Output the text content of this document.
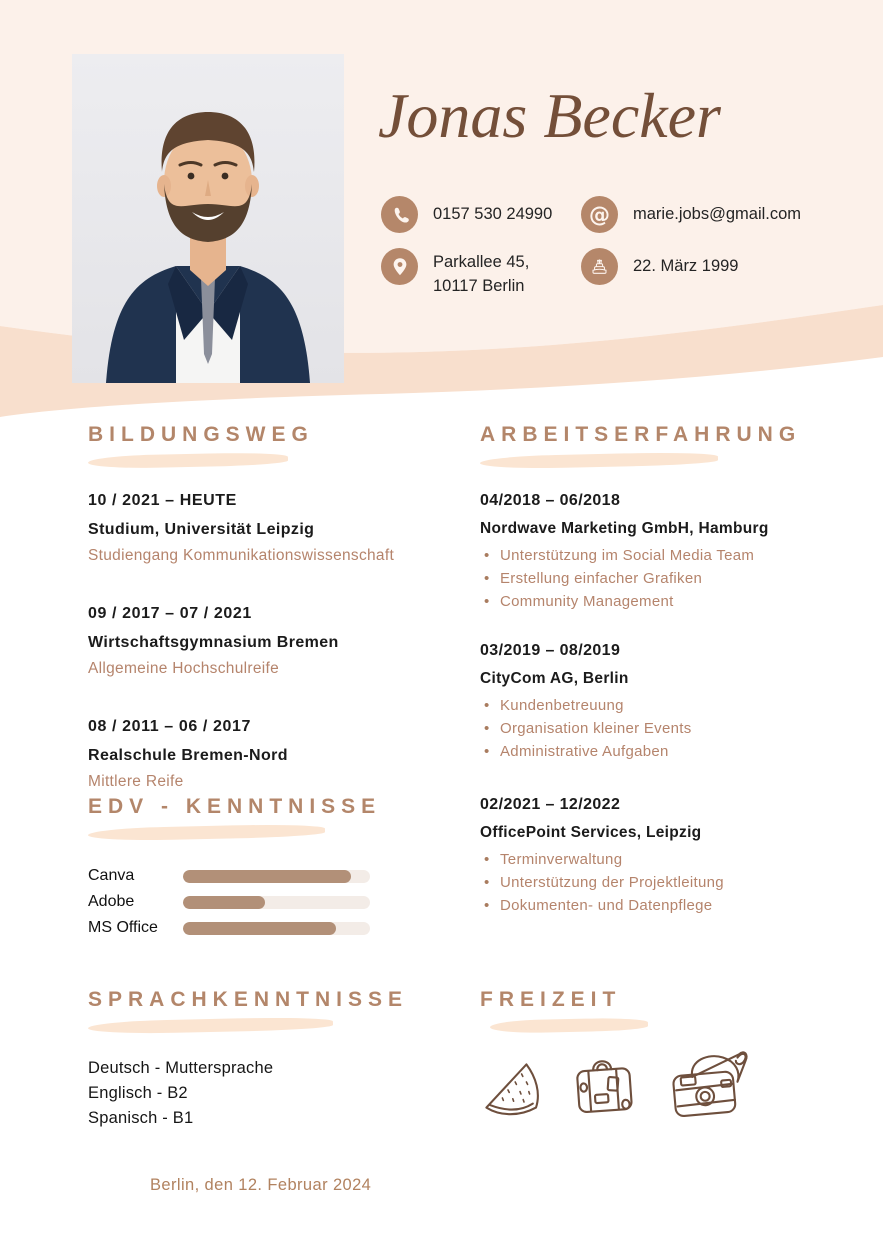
Jonas Becker
0157 530 24990 @ marie.jobs@gmail.com
Parkallee 45,
10117 Berlin
22. März 1999
BILDUNGSWEG
10 / 2021 – HEUTE
Studium, Universität Leipzig
Studiengang Kommunikationswissenschaft
09 / 2017 – 07 / 2021
Wirtschaftsgymnasium Bremen
Allgemeine Hochschulreife
08 / 2011 – 06 / 2017
Realschule Bremen-Nord
Mittlere Reife
EDV - KENNTNISSE
Canva
Adobe
MS Office
SPRACHKENNTNISSE
Deutsch - Muttersprache
Englisch - B2
Spanisch - B1
ARBEITSERFAHRUNG
04/2018 – 06/2018
Nordwave Marketing GmbH, Hamburg
• Unterstützung im Social Media Team
• Erstellung einfacher Grafiken
• Community Management
03/2019 – 08/2019
CityCom AG, Berlin
• Kundenbetreuung
• Organisation kleiner Events
• Administrative Aufgaben
02/2021 – 12/2022
OfficePoint Services, Leipzig
• Terminverwaltung
• Unterstützung der Projektleitung
• Dokumenten- und Datenpflege
FREIZEIT
Berlin, den 12. Februar 2024
